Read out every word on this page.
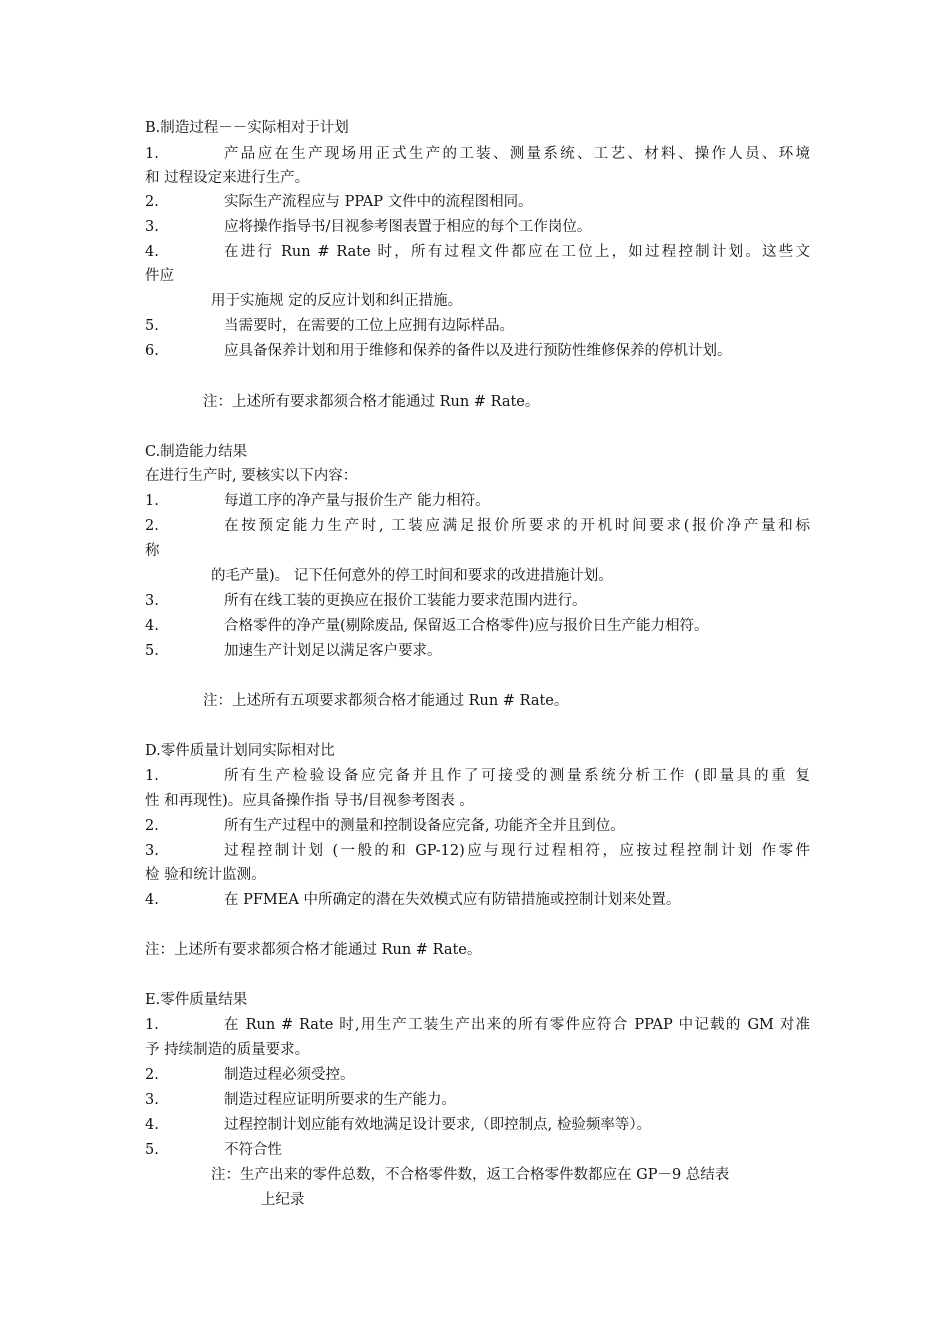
B.制造过程－－实际相对于计划
1.	产品应在生产现场用正式生产的工装、测量系统、工艺、材料、操作人员、环境
和 过程设定来进行生产。
2.	实际生产流程应与 PPAP 文件中的流程图相同。
3.	应将操作指导书/目视参考图表置于相应的每个工作岗位。
4.	在进行 Run # Rate 时，所有过程文件都应在工位上，如过程控制计划。这些文
件应
用于实施规 定的反应计划和纠正措施。
5.	当需要时，在需要的工位上应拥有边际样品。
6.	应具备保养计划和用于维修和保养的备件以及进行预防性维修保养的停机计划。
注：上述所有要求都须合格才能通过 Run # Rate。
C.制造能力结果
在进行生产时, 要核实以下内容：
1.	每道工序的净产量与报价生产 能力相符。
2.	在按预定能力生产时, 工装应满足报价所要求的开机时间要求(报价净产量和标
称
的毛产量)。 记下任何意外的停工时间和要求的改进措施计划。
3.	所有在线工装的更换应在报价工装能力要求范围内进行。
4.	合格零件的净产量(剔除废品, 保留返工合格零件)应与报价日生产能力相符。
5.	加速生产计划足以满足客户要求。
注：上述所有五项要求都须合格才能通过 Run # Rate。
D.零件质量计划同实际相对比
1.	所有生产检验设备应完备并且作了可接受的测量系统分析工作 (即量具的重 复
性 和再现性)。应具备操作指 导书/目视参考图表 。
2.	所有生产过程中的测量和控制设备应完备, 功能齐全并且到位。
3.	过程控制计划 (一般的和 GP-12)应与现行过程相符，应按过程控制计划 作零件
检 验和统计监测。
4.	在 PFMEA 中所确定的潜在失效模式应有防错措施或控制计划来处置。
注：上述所有要求都须合格才能通过 Run # Rate。
E.零件质量结果
1.	在 Run # Rate 时,用生产工装生产出来的所有零件应符合 PPAP 中记载的 GM 对准
予 持续制造的质量要求。
2.	制造过程必须受控。
3.	制造过程应证明所要求的生产能力。
4.	过程控制计划应能有效地满足设计要求,（即控制点, 检验频率等）。
5.	不符合性
注：生产出来的零件总数，不合格零件数，返工合格零件数都应在 GP－9 总结表
上纪录
